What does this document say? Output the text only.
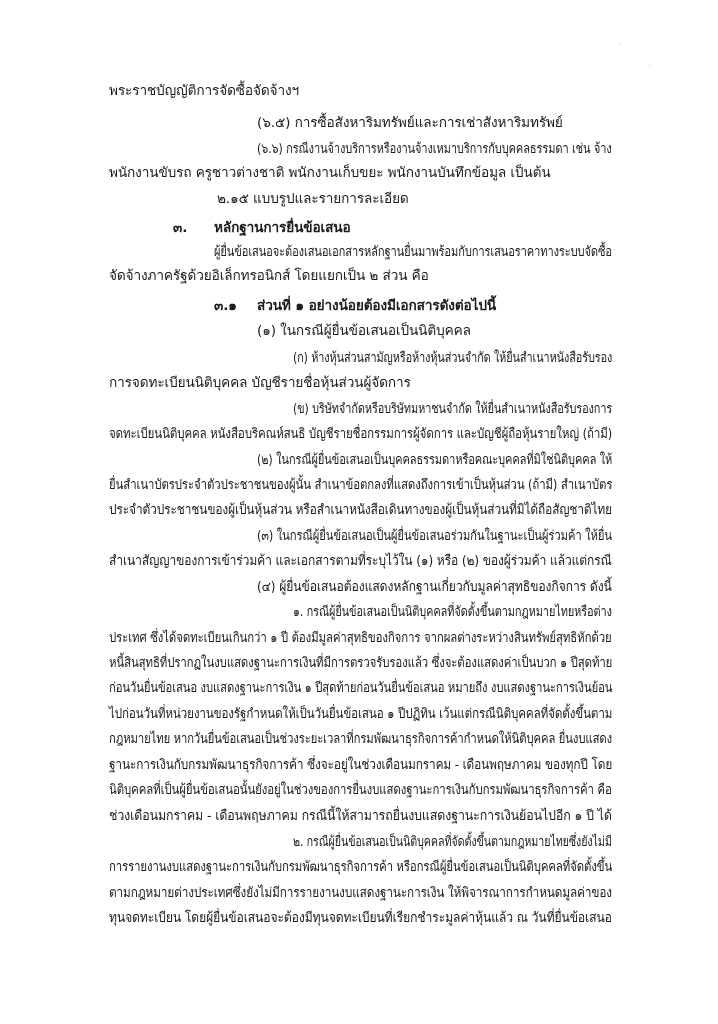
·
·
พระราชบัญญัติการจัดซื้อจัดจ้างฯ
(๖.๕) การซื้อสังหาริมทรัพย์และการเช่าสังหาริมทรัพย์
(๖.๖) กรณีงานจ้างบริการหรืองานจ้างเหมาบริการกับบุคคลธรรมดา เช่น จ้าง
พนักงานขับรถ ครูชาวต่างชาติ พนักงานเก็บขยะ พนักงานบันทึกข้อมูล เป็นต้น
๒.๑๕ แบบรูปและรายการละเอียด
๓. หลักฐานการยื่นข้อเสนอ
ผู้ยื่นข้อเสนอจะต้องเสนอเอกสารหลักฐานยื่นมาพร้อมกับการเสนอราคาทางระบบจัดซื้อ
จัดจ้างภาครัฐด้วยอิเล็กทรอนิกส์ โดยแยกเป็น ๒ ส่วน คือ
๓.๑ ส่วนที่ ๑ อย่างน้อยต้องมีเอกสารดังต่อไปนี้
(๑) ในกรณีผู้ยื่นข้อเสนอเป็นนิติบุคคล
(ก) ห้างหุ้นส่วนสามัญหรือห้างหุ้นส่วนจำกัด ให้ยื่นสำเนาหนังสือรับรอง
การจดทะเบียนนิติบุคคล บัญชีรายชื่อหุ้นส่วนผู้จัดการ
(ข) บริษัทจำกัดหรือบริษัทมหาชนจำกัด ให้ยื่นสำเนาหนังสือรับรองการ
จดทะเบียนนิติบุคคล หนังสือบริคณห์สนธิ บัญชีรายชื่อกรรมการผู้จัดการ และบัญชีผู้ถือหุ้นรายใหญ่ (ถ้ามี)
(๒) ในกรณีผู้ยื่นข้อเสนอเป็นบุคคลธรรมดาหรือคณะบุคคลที่มิใช่นิติบุคคล ให้
ยื่นสำเนาบัตรประจำตัวประชาชนของผู้นั้น สำเนาข้อตกลงที่แสดงถึงการเข้าเป็นหุ้นส่วน (ถ้ามี) สำเนาบัตร
ประจำตัวประชาชนของผู้เป็นหุ้นส่วน หรือสำเนาหนังสือเดินทางของผู้เป็นหุ้นส่วนที่มิได้ถือสัญชาติไทย
(๓) ในกรณีผู้ยื่นข้อเสนอเป็นผู้ยื่นข้อเสนอร่วมกันในฐานะเป็นผู้ร่วมค้า ให้ยื่น
สำเนาสัญญาของการเข้าร่วมค้า และเอกสารตามที่ระบุไว้ใน (๑) หรือ (๒) ของผู้ร่วมค้า แล้วแต่กรณี
(๔) ผู้ยื่นข้อเสนอต้องแสดงหลักฐานเกี่ยวกับมูลค่าสุทธิของกิจการ ดังนี้
๑. กรณีผู้ยื่นข้อเสนอเป็นนิติบุคคลที่จัดตั้งขึ้นตามกฎหมายไทยหรือต่าง
ประเทศ ซึ่งได้จดทะเบียนเกินกว่า ๑ ปี ต้องมีมูลค่าสุทธิของกิจการ จากผลต่างระหว่างสินทรัพย์สุทธิหักด้วย
หนี้สินสุทธิที่ปรากฏในงบแสดงฐานะการเงินที่มีการตรวจรับรองแล้ว ซึ่งจะต้องแสดงค่าเป็นบวก ๑ ปีสุดท้าย
ก่อนวันยื่นข้อเสนอ งบแสดงฐานะการเงิน ๑ ปีสุดท้ายก่อนวันยื่นข้อเสนอ หมายถึง งบแสดงฐานะการเงินย้อน
ไปก่อนวันที่หน่วยงานของรัฐกำหนดให้เป็นวันยื่นข้อเสนอ ๑ ปีปฏิทิน เว้นแต่กรณีนิติบุคคลที่จัดตั้งขึ้นตาม
กฎหมายไทย หากวันยื่นข้อเสนอเป็นช่วงระยะเวลาที่กรมพัฒนาธุรกิจการค้ากำหนดให้นิติบุคคล ยื่นงบแสดง
ฐานะการเงินกับกรมพัฒนาธุรกิจการค้า ซึ่งจะอยู่ในช่วงเดือนมกราคม - เดือนพฤษภาคม ของทุกปี โดย
นิติบุคคลที่เป็นผู้ยื่นข้อเสนอนั้นยังอยู่ในช่วงของการยื่นงบแสดงฐานะการเงินกับกรมพัฒนาธุรกิจการค้า คือ
ช่วงเดือนมกราคม - เดือนพฤษภาคม กรณีนี้ให้สามารถยื่นงบแสดงฐานะการเงินย้อนไปอีก ๑ ปี ได้
๒. กรณีผู้ยื่นข้อเสนอเป็นนิติบุคคลที่จัดตั้งขึ้นตามกฎหมายไทยซึ่งยังไม่มี
การรายงานงบแสดงฐานะการเงินกับกรมพัฒนาธุรกิจการค้า หรือกรณีผู้ยื่นข้อเสนอเป็นนิติบุคคลที่จัดตั้งขึ้น
ตามกฎหมายต่างประเทศซึ่งยังไม่มีการรายงานงบแสดงฐานะการเงิน ให้พิจารณาการกำหนดมูลค่าของ
ทุนจดทะเบียน โดยผู้ยื่นข้อเสนอจะต้องมีทุนจดทะเบียนที่เรียกชำระมูลค่าหุ้นแล้ว ณ วันที่ยื่นข้อเสนอ
